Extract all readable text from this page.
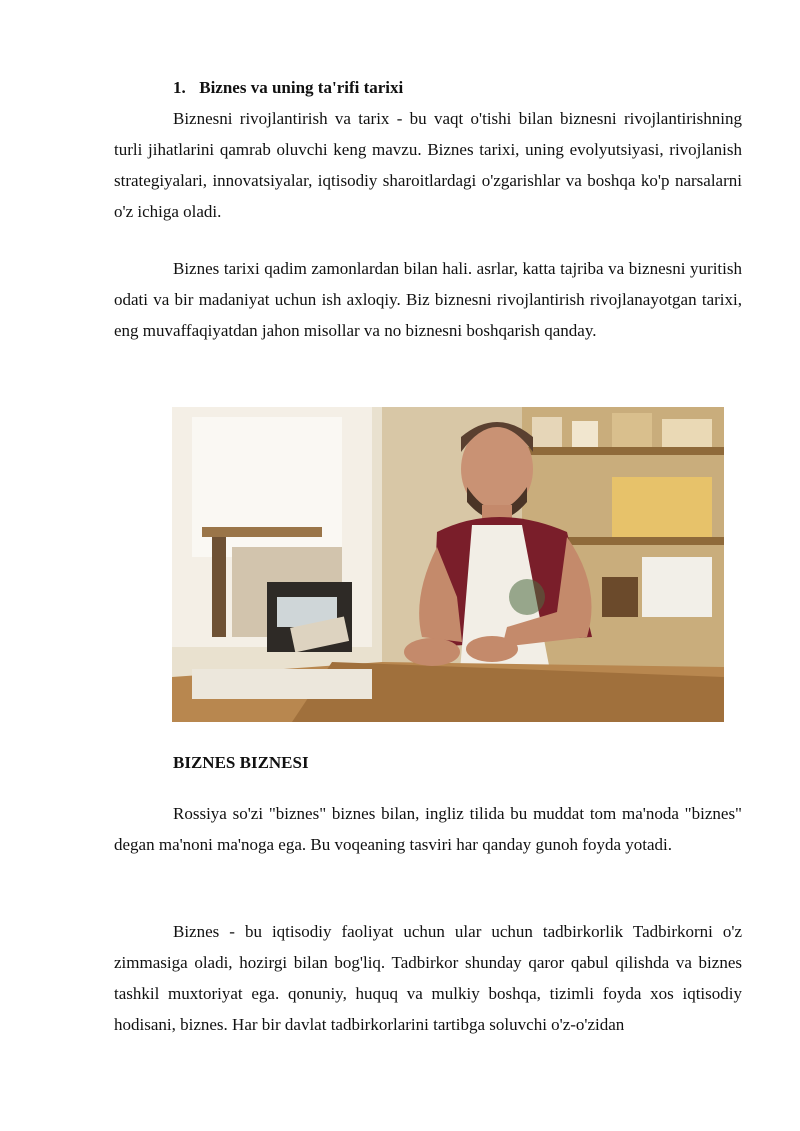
1. Biznes va uning ta'rifi tarixi

Biznesni rivojlantirish va tarix - bu vaqt o'tishi bilan biznesni rivojlantirishning turli jihatlarini qamrab oluvchi keng mavzu. Biznes tarixi, uning evolyutsiyasi, rivojlanish strategiyalari, innovatsiyalar, iqtisodiy sharoitlardagi o'zgarishlar va boshqa ko'p narsalarni o'z ichiga oladi.

Biznes tarixi qadim zamonlardan bilan hali. asrlar, katta tajriba va biznesni yuritish odati va bir madaniyat uchun ish axloqiy. Biz biznesni rivojlantirish rivojlanayotgan tarixi, eng muvaffaqiyatdan jahon misollar va no biznesni boshqarish qanday.

BIZNES BIZNESI

Rossiya so'zi "biznes" biznes bilan, ingliz tilida bu muddat tom ma'noda "biznes" degan ma'noni ma'noga ega. Bu voqeaning tasviri har qanday gunoh foyda yotadi.

Biznes - bu iqtisodiy faoliyat uchun ular uchun tadbirkorlik Tadbirkorni o'z zimmasiga oladi, hozirgi bilan bog'liq. Tadbirkor shunday qaror qabul qilishda va biznes tashkil muxtoriyat ega. qonuniy, huquq va mulkiy boshqa, tizimli foyda xos iqtisodiy hodisani, biznes. Har bir davlat tadbirkorlarini tartibga soluvchi o'z-o'zidan
